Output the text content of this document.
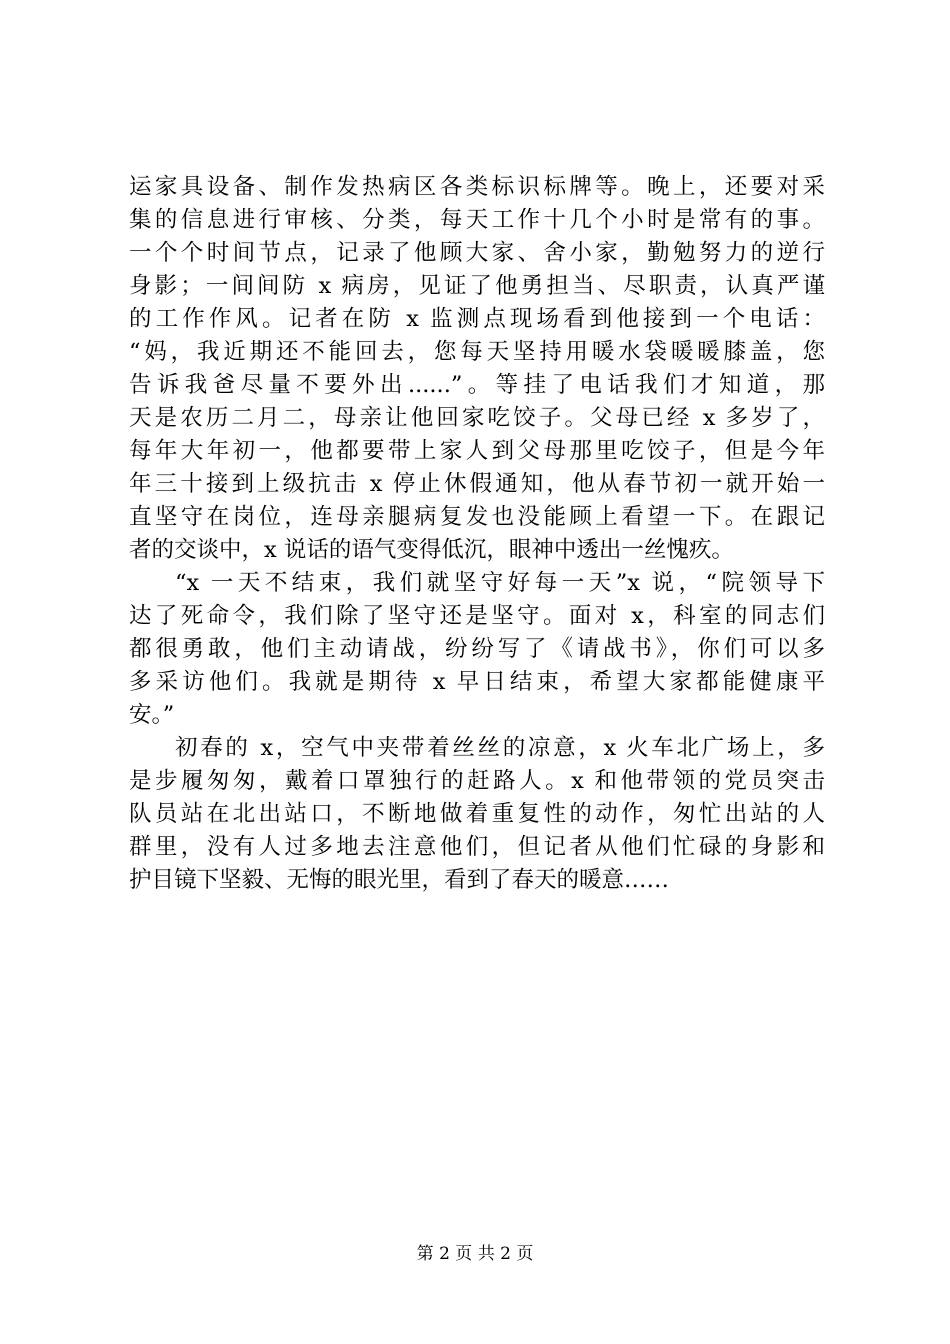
运家具设备、制作发热病区各类标识标牌等。晚上，还要对采
集的信息进行审核、分类，每天工作十几个小时是常有的事。
一个个时间节点，记录了他顾大家、舍小家，勤勉努力的逆行
身影；一间间防 x 病房，见证了他勇担当、尽职责，认真严谨
的工作作风。记者在防 x 监测点现场看到他接到一个电话：
“妈，我近期还不能回去，您每天坚持用暖水袋暖暖膝盖，您
告诉我爸尽量不要外出......”。等挂了电话我们才知道，那
天是农历二月二，母亲让他回家吃饺子。父母已经 x 多岁了，
每年大年初一，他都要带上家人到父母那里吃饺子，但是今年
年三十接到上级抗击 x 停止休假通知，他从春节初一就开始一
直坚守在岗位，连母亲腿病复发也没能顾上看望一下。在跟记
者的交谈中，x 说话的语气变得低沉，眼神中透出一丝愧疚。
“x 一天不结束，我们就坚守好每一天”x 说，“院领导下
达了死命令，我们除了坚守还是坚守。面对 x，科室的同志们
都很勇敢，他们主动请战，纷纷写了《请战书》，你们可以多
多采访他们。我就是期待 x 早日结束，希望大家都能健康平
安。”
初春的 x，空气中夹带着丝丝的凉意，x 火车北广场上，多
是步履匆匆，戴着口罩独行的赶路人。x 和他带领的党员突击
队员站在北出站口，不断地做着重复性的动作，匆忙出站的人
群里，没有人过多地去注意他们，但记者从他们忙碌的身影和
护目镜下坚毅、无悔的眼光里，看到了春天的暖意……
第 2 页 共 2 页
